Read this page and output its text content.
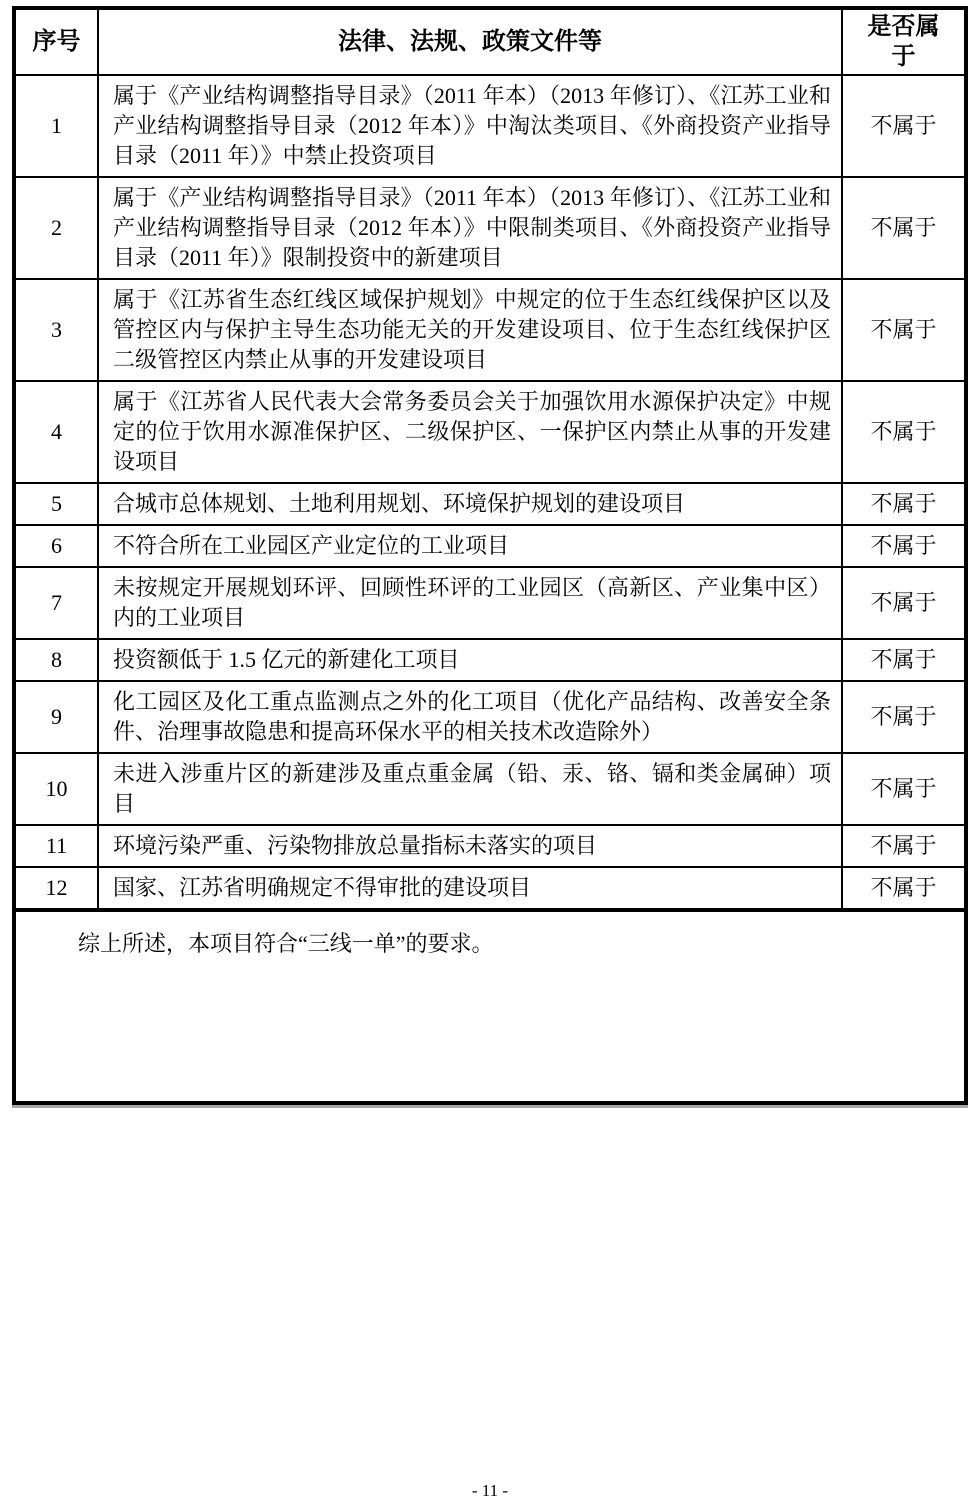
序号	法律、法规、政策文件等	是否属于
1	属于《产业结构调整指导目录》（2011 年本）（2013 年修订）、《江苏工业和产业结构调整指导目录（2012 年本）》中淘汰类项目、《外商投资产业指导目录（2011 年）》中禁止投资项目	不属于
2	属于《产业结构调整指导目录》（2011 年本）（2013 年修订）、《江苏工业和产业结构调整指导目录（2012 年本）》中限制类项目、《外商投资产业指导目录（2011 年）》限制投资中的新建项目	不属于
3	属于《江苏省生态红线区域保护规划》中规定的位于生态红线保护区以及管控区内与保护主导生态功能无关的开发建设项目、位于生态红线保护区二级管控区内禁止从事的开发建设项目	不属于
4	属于《江苏省人民代表大会常务委员会关于加强饮用水源保护决定》中规定的位于饮用水源准保护区、二级保护区、一保护区内禁止从事的开发建设项目	不属于
5	合城市总体规划、土地利用规划、环境保护规划的建设项目	不属于
6	不符合所在工业园区产业定位的工业项目	不属于
7	未按规定开展规划环评、回顾性环评的工业园区（高新区、产业集中区）内的工业项目	不属于
8	投资额低于 1.5 亿元的新建化工项目	不属于
9	化工园区及化工重点监测点之外的化工项目（优化产品结构、改善安全条件、治理事故隐患和提高环保水平的相关技术改造除外）	不属于
10	未进入涉重片区的新建涉及重点重金属（铅、汞、铬、镉和类金属砷）项目	不属于
11	环境污染严重、污染物排放总量指标未落实的项目	不属于
12	国家、江苏省明确规定不得审批的建设项目	不属于
综上所述，本项目符合“三线一单”的要求。
- 11 -
